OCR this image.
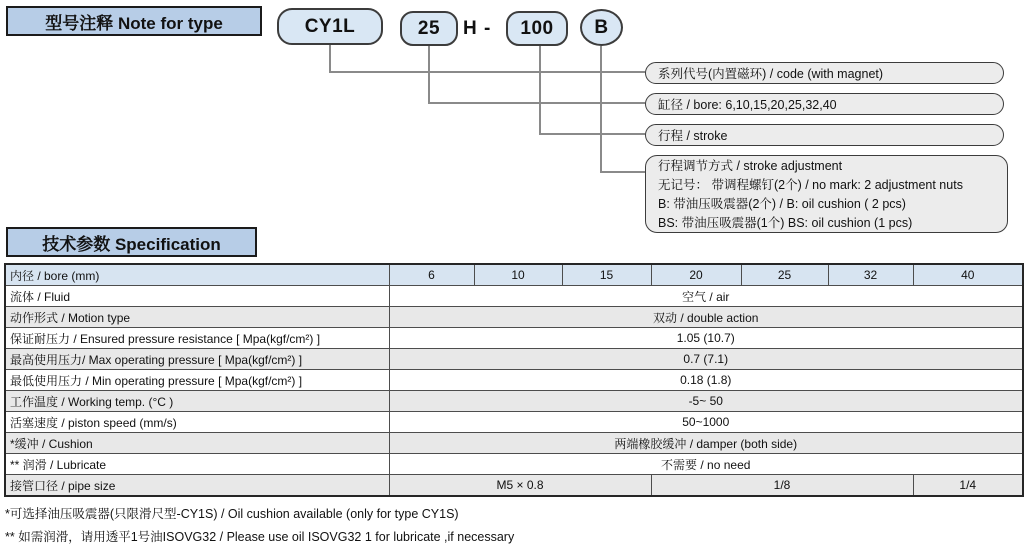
型号注释 Note for type	CY1L	25	H -	100	B
系列代号(内置磁环) / code (with magnet)
缸径 / bore: 6,10,15,20,25,32,40
行程 / stroke
行程调节方式 / stroke adjustment
无记号： 带调程螺钉(2个) / no mark: 2 adjustment nuts
B: 带油压吸震器(2个) / B: oil cushion ( 2 pcs)
BS: 带油压吸震器(1个) BS: oil cushion (1 pcs)
技术参数 Specification
内径 / bore (mm)	6	10	15	20	25	32	40
流体 / Fluid	空气 / air						
动作形式 / Motion type	双动 / double action						
保证耐压力 / Ensured pressure resistance [ Mpa(kgf/cm²) ]	1.05 (10.7)						
最高使用压力/ Max operating pressure [ Mpa(kgf/cm²) ]	0.7 (7.1)						
最低使用压力 / Min operating pressure [ Mpa(kgf/cm²) ]	0.18 (1.8)						
工作温度 / Working temp. (°C )	-5~ 50						
活塞速度 / piston speed (mm/s)	50~1000						
*缓冲 / Cushion	两端橡胶缓冲 / damper (both side)						
** 润滑 / Lubricate	不需要 / no need						
接管口径 / pipe size	M5 × 0.8			1/8			1/4
*可选择油压吸震器(只限滑尺型-CY1S) / Oil cushion available (only for type CY1S)
** 如需润滑，请用透平1号油ISOVG32 / Please use oil ISOVG32 1 for lubricate ,if necessary
